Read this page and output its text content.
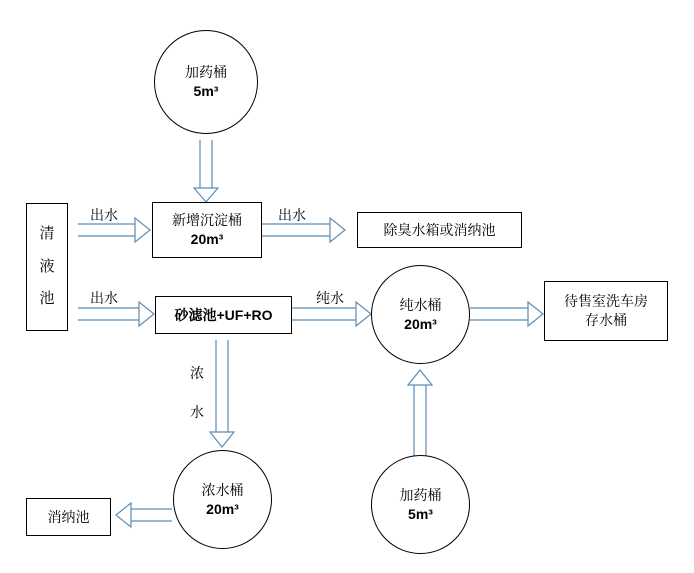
加药桶
5m³
清
液
池
新增沉淀桶
20m³
除臭水箱或消纳池
砂滤池+UF+RO
纯水桶
20m³
待售室洗车房
存水桶
浓水桶
20m³
加药桶
5m³
消纳池
出水	出水
出水	纯水
浓
水
